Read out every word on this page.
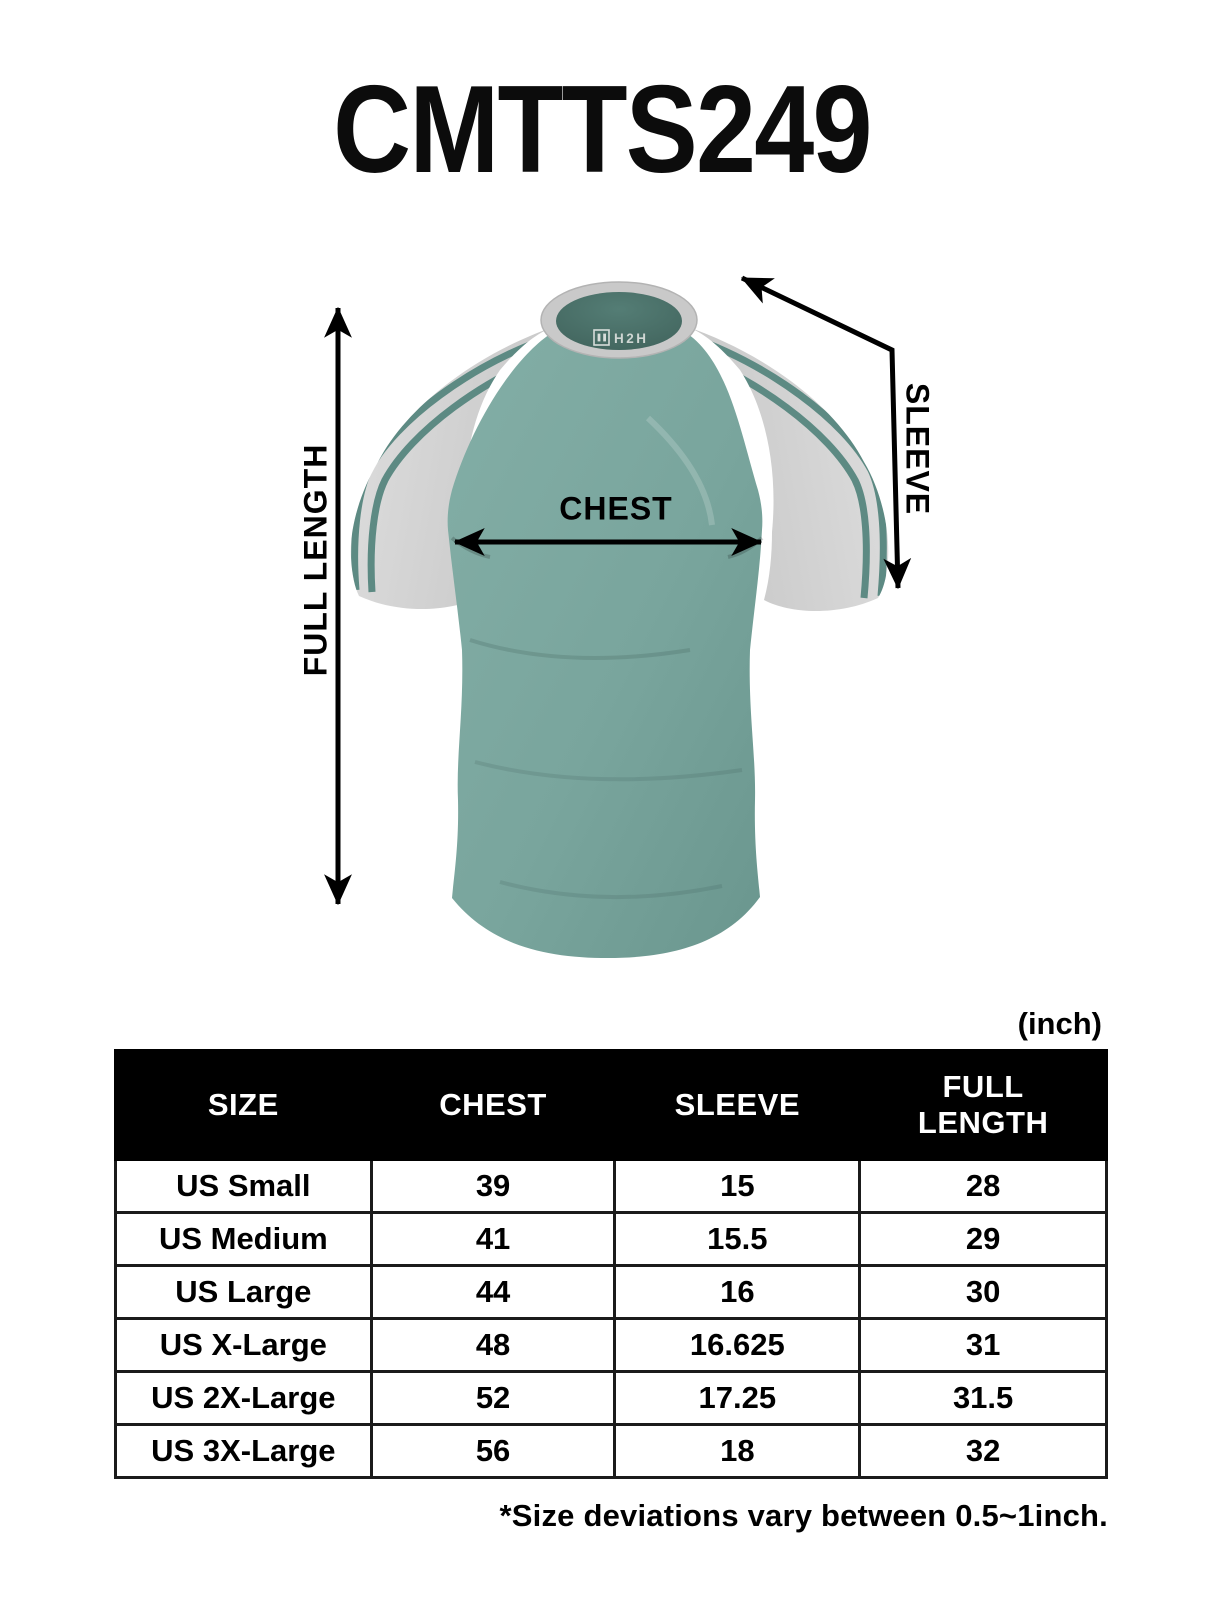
CMTTS249
H2H
CHEST
FULL LENGTH	SLEEVE
(inch)
SIZE	CHEST	SLEEVE	FULL LENGTH
US Small	39	15	28
US Medium	41	15.5	29
US Large	44	16	30
US X-Large	48	16.625	31
US 2X-Large	52	17.25	31.5
US 3X-Large	56	18	32
*Size deviations vary between 0.5~1inch.
